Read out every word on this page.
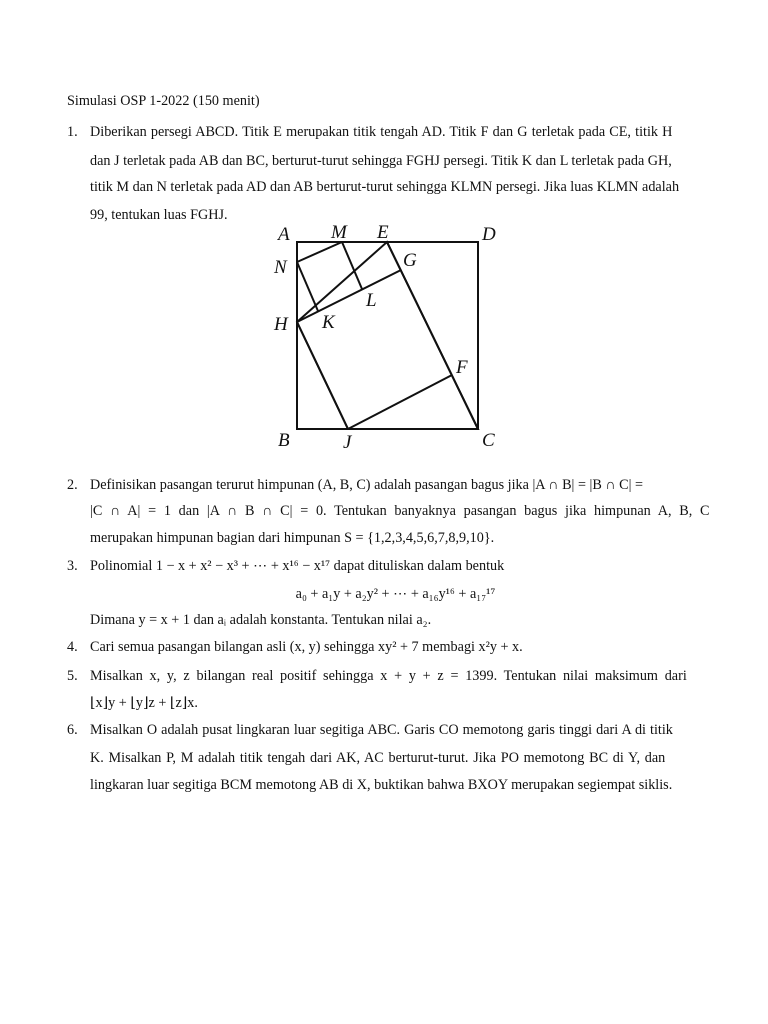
Simulasi OSP 1-2022 (150 menit)
1. Diberikan persegi ABCD. Titik E merupakan titik tengah AD. Titik F dan G terletak pada CE, titik H
dan J terletak pada AB dan BC, berturut-turut sehingga FGHJ persegi. Titik K dan L terletak pada GH,
titik M dan N terletak pada AD dan AB berturut-turut sehingga KLMN persegi. Jika luas KLMN adalah
99, tentukan luas FGHJ.
A M E	D
N	G
L
H K
F
B	J	C
2. Definisikan pasangan terurut himpunan (A, B, C) adalah pasangan bagus jika |A ∩ B| = |B ∩ C| =
|C ∩ A| = 1 dan |A ∩ B ∩ C| = 0. Tentukan banyaknya pasangan bagus jika himpunan A, B, C
merupakan himpunan bagian dari himpunan S = {1,2,3,4,5,6,7,8,9,10}.
3. Polinomial 1 − x + x² − x³ + ⋯ + x¹⁶ − x¹⁷ dapat dituliskan dalam bentuk
a₀ + a₁y + a₂y² + ⋯ + a₁₆y¹⁶ + a₁₇¹⁷
Dimana y = x + 1 dan aᵢ adalah konstanta. Tentukan nilai a₂.
4. Cari semua pasangan bilangan asli (x, y) sehingga xy² + 7 membagi x²y + x.
5. Misalkan x, y, z bilangan real positif sehingga x + y + z = 1399. Tentukan nilai maksimum dari
⌊x⌋y + ⌊y⌋z + ⌊z⌋x.
6. Misalkan O adalah pusat lingkaran luar segitiga ABC. Garis CO memotong garis tinggi dari A di titik
K. Misalkan P, M adalah titik tengah dari AK, AC berturut-turut. Jika PO memotong BC di Y, dan
lingkaran luar segitiga BCM memotong AB di X, buktikan bahwa BXOY merupakan segiempat siklis.
